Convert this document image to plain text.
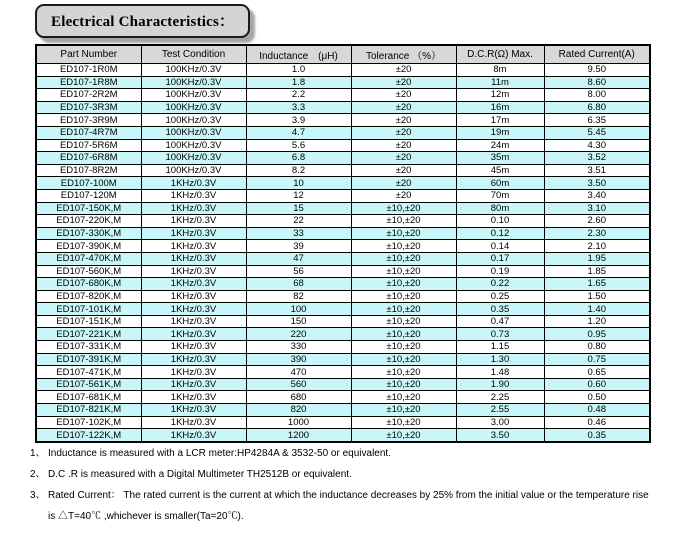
Electrical Characteristics：
Part Number	Test Condition	Inductance　(μH)	Tolerance （%）	D.C.R(Ω) Max.	Rated Current(A)
ED107-1R0M	100KHz/0.3V	1.0	±20	8m	9.50
ED107-1R8M	100KHz/0.3V	1.8	±20	11m	8.60
ED107-2R2M	100KHz/0.3V	2.2	±20	12m	8.00
ED107-3R3M	100KHz/0.3V	3.3	±20	16m	6.80
ED107-3R9M	100KHz/0.3V	3.9	±20	17m	6.35
ED107-4R7M	100KHz/0.3V	4.7	±20	19m	5.45
ED107-5R6M	100KHz/0.3V	5.6	±20	24m	4.30
ED107-6R8M	100KHz/0.3V	6.8	±20	35m	3.52
ED107-8R2M	100KHz/0.3V	8.2	±20	45m	3.51
ED107-100M	1KHz/0.3V	10	±20	60m	3.50
ED107-120M	1KHz/0.3V	12	±20	70m	3.40
ED107-150K,M	1KHz/0.3V	15	±10,±20	80m	3.10
ED107-220K,M	1KHz/0.3V	22	±10,±20	0.10	2.60
ED107-330K,M	1KHz/0.3V	33	±10,±20	0.12	2.30
ED107-390K,M	1KHz/0.3V	39	±10,±20	0.14	2.10
ED107-470K,M	1KHz/0.3V	47	±10,±20	0.17	1.95
ED107-560K,M	1KHz/0.3V	56	±10,±20	0.19	1.85
ED107-680K,M	1KHz/0.3V	68	±10,±20	0.22	1.65
ED107-820K,M	1KHz/0.3V	82	±10,±20	0.25	1.50
ED107-101K,M	1KHz/0.3V	100	±10,±20	0.35	1.40
ED107-151K,M	1KHz/0.3V	150	±10,±20	0.47	1.20
ED107-221K,M	1KHz/0.3V	220	±10,±20	0.73	0.95
ED107-331K,M	1KHz/0.3V	330	±10,±20	1.15	0.80
ED107-391K,M	1KHz/0.3V	390	±10,±20	1.30	0.75
ED107-471K,M	1KHz/0.3V	470	±10,±20	1.48	0.65
ED107-561K,M	1KHz/0.3V	560	±10,±20	1.90	0.60
ED107-681K,M	1KHz/0.3V	680	±10,±20	2.25	0.50
ED107-821K,M	1KHz/0.3V	820	±10,±20	2.55	0.48
ED107-102K,M	1KHz/0.3V	1000	±10,±20	3.00	0.46
ED107-122K,M	1KHz/0.3V	1200	±10,±20	3.50	0.35
1、 Inductance is measured with a LCR meter:HP4284A & 3532-50 or equivalent.
2、 D.C .R is measured with a Digital Multimeter TH2512B or equivalent.
3、 Rated Current： The rated current is the current at which the inductance decreases by 25% from the initial value or the temperature rise is △T=40℃ ,whichever is smaller(Ta=20℃).
